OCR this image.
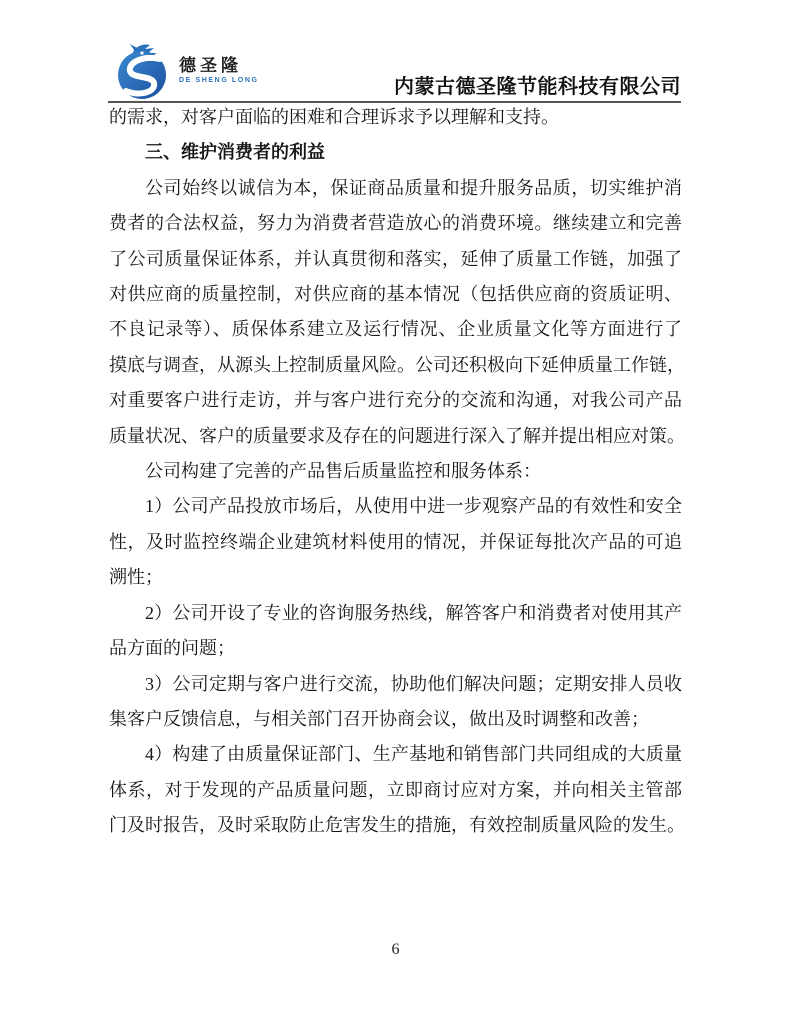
德圣隆
DE SHENG LONG	内蒙古德圣隆节能科技有限公司
的需求，对客户面临的困难和合理诉求予以理解和支持。
三、维护消费者的利益
公司始终以诚信为本，保证商品质量和提升服务品质，切实维护消
费者的合法权益，努力为消费者营造放心的消费环境。继续建立和完善
了公司质量保证体系，并认真贯彻和落实，延伸了质量工作链，加强了
对供应商的质量控制，对供应商的基本情况（包括供应商的资质证明、
不良记录等）、质保体系建立及运行情况、企业质量文化等方面进行了
摸底与调查，从源头上控制质量风险。公司还积极向下延伸质量工作链，
对重要客户进行走访，并与客户进行充分的交流和沟通，对我公司产品
质量状况、客户的质量要求及存在的问题进行深入了解并提出相应对策。
公司构建了完善的产品售后质量监控和服务体系：
1）公司产品投放市场后，从使用中进一步观察产品的有效性和安全
性，及时监控终端企业建筑材料使用的情况，并保证每批次产品的可追
溯性；
2）公司开设了专业的咨询服务热线，解答客户和消费者对使用其产
品方面的问题；
3）公司定期与客户进行交流，协助他们解决问题；定期安排人员收
集客户反馈信息，与相关部门召开协商会议，做出及时调整和改善；
4）构建了由质量保证部门、生产基地和销售部门共同组成的大质量
体系，对于发现的产品质量问题，立即商讨应对方案，并向相关主管部
门及时报告，及时采取防止危害发生的措施，有效控制质量风险的发生。
6
